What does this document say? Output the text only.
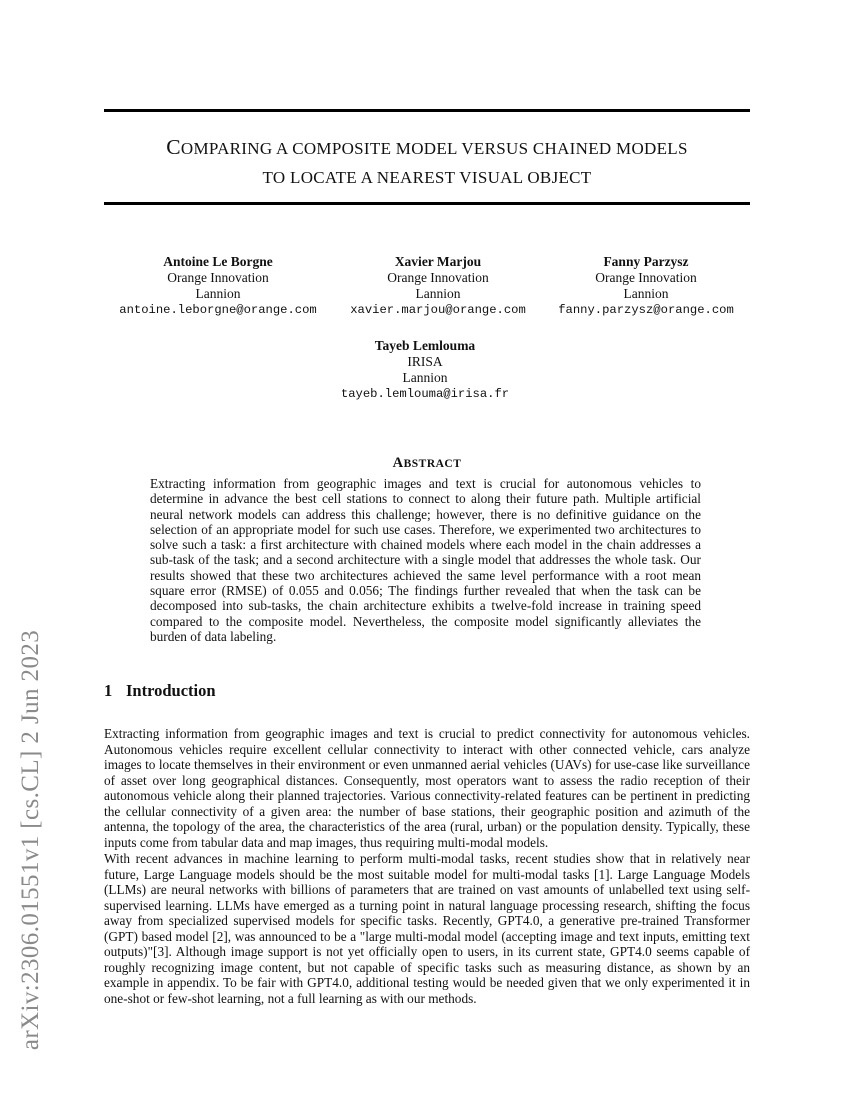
arXiv:2306.01551v1 [cs.CL] 2 Jun 2023
COMPARING A COMPOSITE MODEL VERSUS CHAINED MODELS
TO LOCATE A NEAREST VISUAL OBJECT
Antoine Le Borgne
Orange Innovation
Lannion
antoine.leborgne@orange.com
Xavier Marjou
Orange Innovation
Lannion
xavier.marjou@orange.com
Fanny Parzysz
Orange Innovation
Lannion
fanny.parzysz@orange.com
Tayeb Lemlouma
IRISA
Lannion
tayeb.lemlouma@irisa.fr
ABSTRACT
Extracting information from geographic images and text is crucial for autonomous vehicles to determine in advance the best cell stations to connect to along their future path. Multiple artificial neural network models can address this challenge; however, there is no definitive guidance on the selection of an appropriate model for such use cases. Therefore, we experimented two architectures to solve such a task: a first architecture with chained models where each model in the chain addresses a sub-task of the task; and a second architecture with a single model that addresses the whole task. Our results showed that these two architectures achieved the same level performance with a root mean square error (RMSE) of 0.055 and 0.056; The findings further revealed that when the task can be decomposed into sub-tasks, the chain architecture exhibits a twelve-fold increase in training speed compared to the composite model. Nevertheless, the composite model significantly alleviates the burden of data labeling.
1 Introduction

Extracting information from geographic images and text is crucial to predict connectivity for autonomous vehicles. Autonomous vehicles require excellent cellular connectivity to interact with other connected vehicle, cars analyze images to locate themselves in their environment or even unmanned aerial vehicles (UAVs) for use-case like surveillance of asset over long geographical distances. Consequently, most operators want to assess the radio reception of their autonomous vehicle along their planned trajectories. Various connectivity-related features can be pertinent in predicting the cellular connectivity of a given area: the number of base stations, their geographic position and azimuth of the antenna, the topology of the area, the characteristics of the area (rural, urban) or the population density. Typically, these inputs come from tabular data and map images, thus requiring multi-modal models.

With recent advances in machine learning to perform multi-modal tasks, recent studies show that in relatively near future, Large Language models should be the most suitable model for multi-modal tasks [1]. Large Language Models (LLMs) are neural networks with billions of parameters that are trained on vast amounts of unlabelled text using self-supervised learning. LLMs have emerged as a turning point in natural language processing research, shifting the focus away from specialized supervised models for specific tasks. Recently, GPT4.0, a generative pre-trained Transformer (GPT) based model [2], was announced to be a "large multi-modal model (accepting image and text inputs, emitting text outputs)"[3]. Although image support is not yet officially open to users, in its current state, GPT4.0 seems capable of roughly recognizing image content, but not capable of specific tasks such as measuring distance, as shown by an example in appendix. To be fair with GPT4.0, additional testing would be needed given that we only experimented it in one-shot or few-shot learning, not a full learning as with our methods.
